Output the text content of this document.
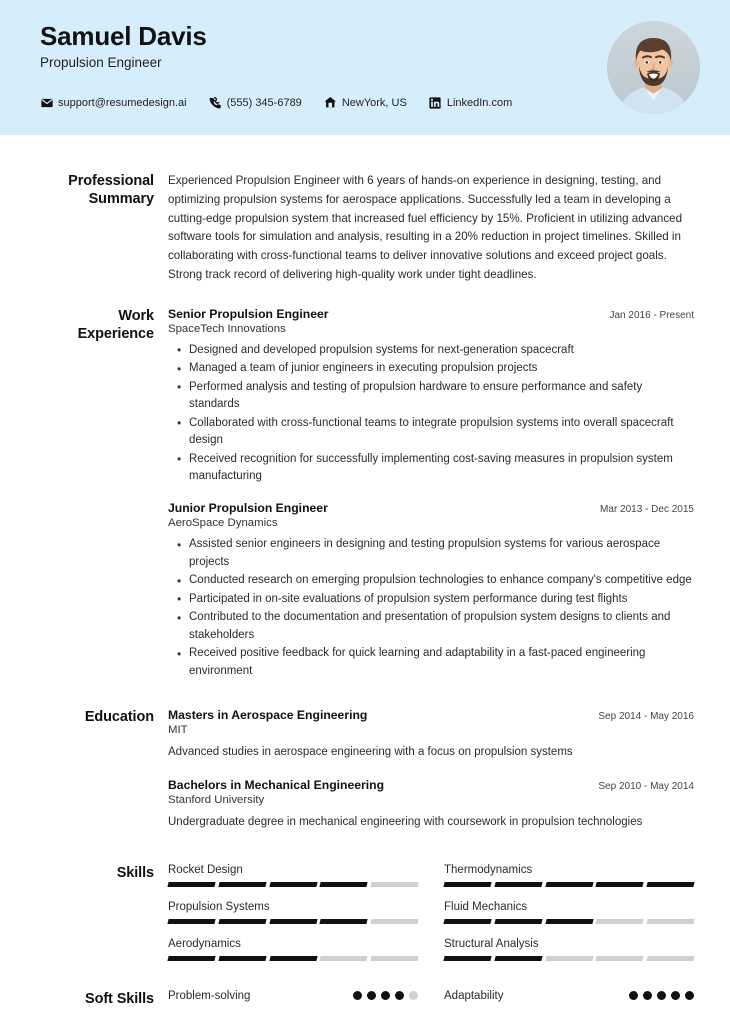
Samuel Davis
Propulsion Engineer
support@resumedesign.ai	(555) 345-6789	NewYork, US	LinkedIn.com
Professional Summary
Experienced Propulsion Engineer with 6 years of hands-on experience in designing, testing, and optimizing propulsion systems for aerospace applications. Successfully led a team in developing a cutting-edge propulsion system that increased fuel efficiency by 15%. Proficient in utilizing advanced software tools for simulation and analysis, resulting in a 20% reduction in project timelines. Skilled in collaborating with cross-functional teams to deliver innovative solutions and exceed project goals. Strong track record of delivering high-quality work under tight deadlines.
Work Experience
Senior Propulsion Engineer	Jan 2016 - Present
SpaceTech Innovations
• Designed and developed propulsion systems for next-generation spacecraft
• Managed a team of junior engineers in executing propulsion projects
• Performed analysis and testing of propulsion hardware to ensure performance and safety standards
• Collaborated with cross-functional teams to integrate propulsion systems into overall spacecraft design
• Received recognition for successfully implementing cost-saving measures in propulsion system manufacturing
Junior Propulsion Engineer	Mar 2013 - Dec 2015
AeroSpace Dynamics
• Assisted senior engineers in designing and testing propulsion systems for various aerospace projects
• Conducted research on emerging propulsion technologies to enhance company's competitive edge
• Participated in on-site evaluations of propulsion system performance during test flights
• Contributed to the documentation and presentation of propulsion system designs to clients and stakeholders
• Received positive feedback for quick learning and adaptability in a fast-paced engineering environment
Education	Masters in Aerospace Engineering	Sep 2014 - May 2016
MIT
Advanced studies in aerospace engineering with a focus on propulsion systems
Bachelors in Mechanical Engineering	Sep 2010 - May 2014
Stanford University
Undergraduate degree in mechanical engineering with coursework in propulsion technologies
Skills	Rocket Design	Thermodynamics
Propulsion Systems	Fluid Mechanics
Aerodynamics	Structural Analysis
Soft Skills	Problem-solving	Adaptability
